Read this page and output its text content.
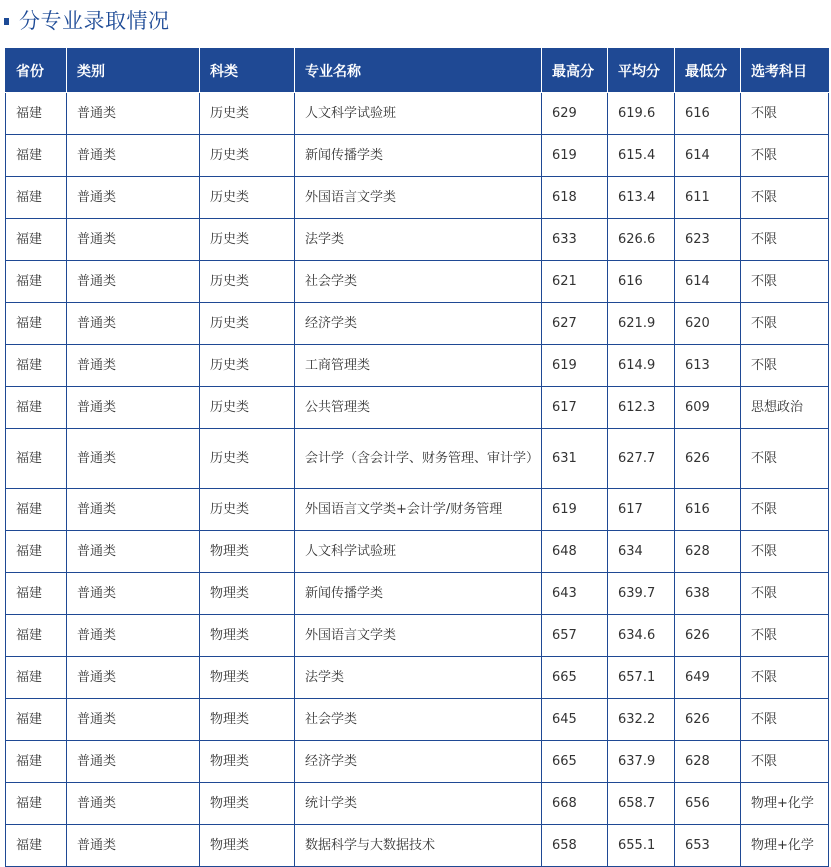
分专业录取情况
省份	类别	科类	专业名称	最高分	平均分	最低分	选考科目
福建	普通类	历史类	人文科学试验班	629	619.6	616	不限
福建	普通类	历史类	新闻传播学类	619	615.4	614	不限
福建	普通类	历史类	外国语言文学类	618	613.4	611	不限
福建	普通类	历史类	法学类	633	626.6	623	不限
福建	普通类	历史类	社会学类	621	616	614	不限
福建	普通类	历史类	经济学类	627	621.9	620	不限
福建	普通类	历史类	工商管理类	619	614.9	613	不限
福建	普通类	历史类	公共管理类	617	612.3	609	思想政治
福建	普通类	历史类	会计学（含会计学、财务管理、审计学）	631	627.7	626	不限
福建	普通类	历史类	外国语言文学类+会计学/财务管理	619	617	616	不限
福建	普通类	物理类	人文科学试验班	648	634	628	不限
福建	普通类	物理类	新闻传播学类	643	639.7	638	不限
福建	普通类	物理类	外国语言文学类	657	634.6	626	不限
福建	普通类	物理类	法学类	665	657.1	649	不限
福建	普通类	物理类	社会学类	645	632.2	626	不限
福建	普通类	物理类	经济学类	665	637.9	628	不限
福建	普通类	物理类	统计学类	668	658.7	656	物理+化学
福建	普通类	物理类	数据科学与大数据技术	658	655.1	653	物理+化学
